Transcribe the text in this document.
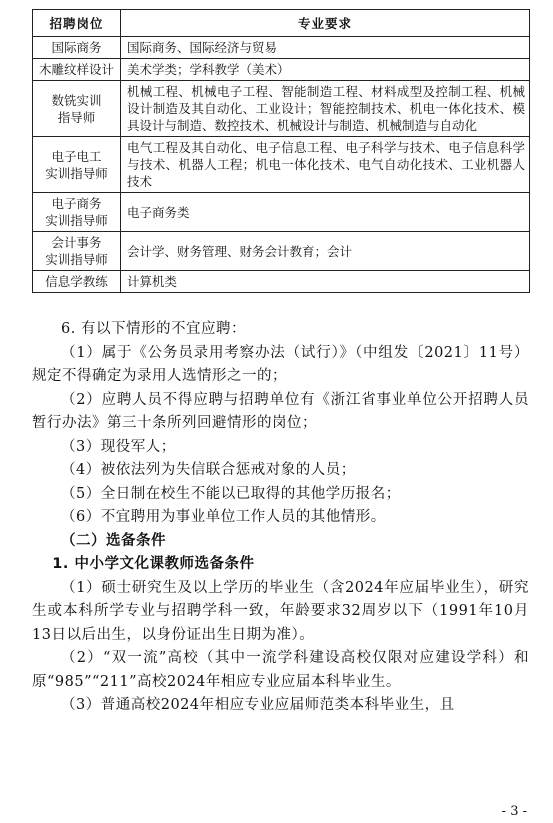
招聘岗位	专业要求

国际商务	国际商务、国际经济与贸易

木雕纹样设计	美术学类；学科教学（美术）

数铣实训
指导师	机械工程、机械电子工程、智能制造工程、材料成型及控制工程、机械设计制造及其自动化、工业设计；智能控制技术、机电一体化技术、模具设计与制造、数控技术、机械设计与制造、机械制造与自动化

电子电工
实训指导师	电气工程及其自动化、电子信息工程、电子科学与技术、电子信息科学与技术、机器人工程；机电一体化技术、电气自动化技术、工业机器人技术

电子商务
实训指导师	电子商务类

会计事务
实训指导师	会计学、财务管理、财务会计教育；会计

信息学教练	计算机类

6. 有以下情形的不宜应聘：

（1）属于《公务员录用考察办法（试行）》（中组发〔2021〕11号）规定不得确定为录用人选情形之一的；

（2）应聘人员不得应聘与招聘单位有《浙江省事业单位公开招聘人员暂行办法》第三十条所列回避情形的岗位；

（3）现役军人；

（4）被依法列为失信联合惩戒对象的人员；

（5）全日制在校生不能以已取得的其他学历报名；

（6）不宜聘用为事业单位工作人员的其他情形。

（二）选备条件

1. 中小学文化课教师选备条件

（1）硕士研究生及以上学历的毕业生（含2024年应届毕业生），研究生或本科所学专业与招聘学科一致，年龄要求32周岁以下（1991年10月13日以后出生，以身份证出生日期为准）。

（2）“双一流”高校（其中一流学科建设高校仅限对应建设学科）和原“985”“211”高校2024年相应专业应届本科毕业生。

（3）普通高校2024年相应专业应届师范类本科毕业生，且

- 3 -
